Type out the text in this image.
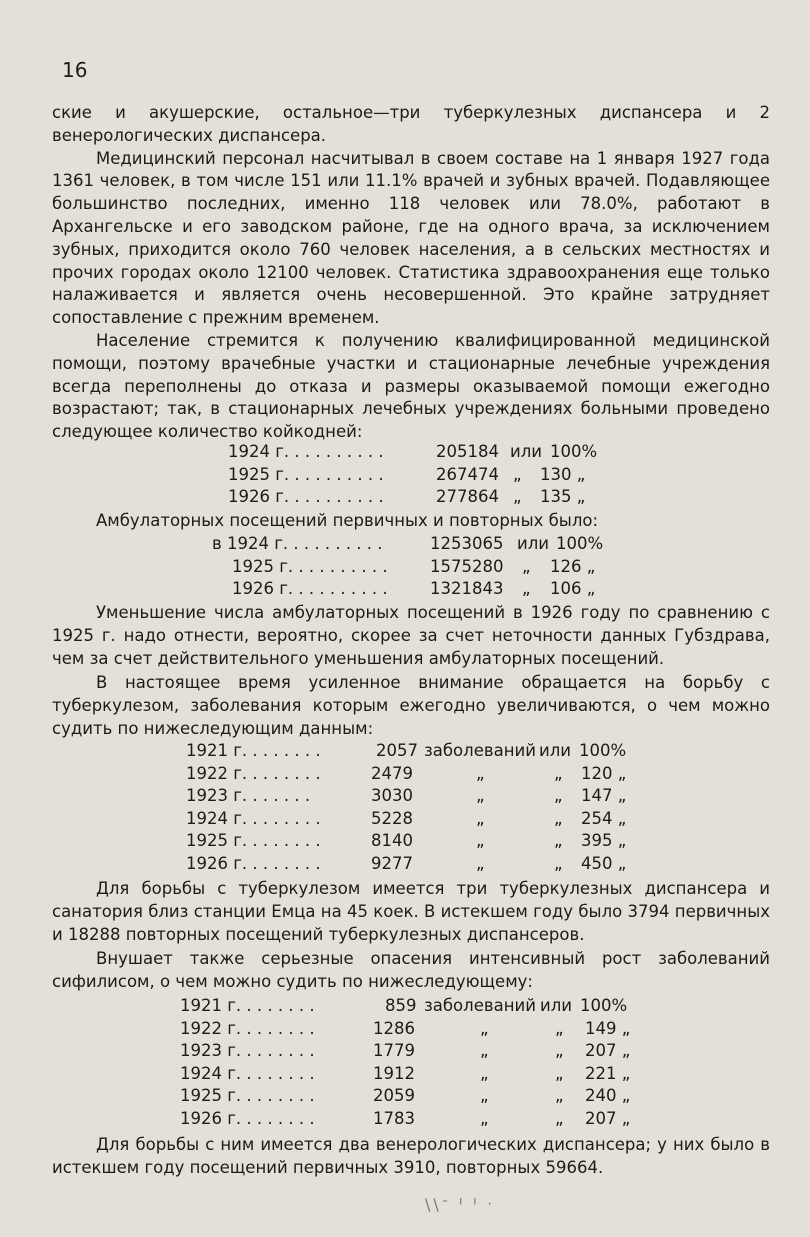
16

ские и акушерские, остальное—три туберкулезных диспансера и 2 венерологических диспансера.

Медицинский персонал насчитывал в своем составе на 1 января 1927 года 1361 человек, в том числе 151 или 11.1% врачей и зубных врачей. Подавляющее большинство последних, именно 118 человек или 78.0%, работают в Архангельске и его заводском районе, где на одного врача, за исключением зубных, приходится около 760 человек населения, а в сельских местностях и прочих городах около 12100 человек. Статистика здравоохранения еще только налаживается и является очень несовершенной. Это крайне затрудняет сопоставление с прежним временем.

Население стремится к получению квалифицированной медицинской помощи, поэтому врачебные участки и стационарные лечебные учреждения всегда переполнены до отказа и размеры оказываемой помощи ежегодно возрастают; так, в стационарных лечебных учреждениях больными проведено следующее количество койкодней:

1924 г. . . . . . . . . .	205184 или 100%
1925 г. . . . . . . . . .	267474 „ 130 „
1926 г. . . . . . . . . .	277864 „ 135 „

Амбулаторных посещений первичных и повторных было:

в 1924 г. . . . . . . . . .	1253065 или 100%
1925 г. . . . . . . . . .	1575280 „ 126 „
1926 г. . . . . . . . . .	1321843 „ 106 „

Уменьшение числа амбулаторных посещений в 1926 году по сравнению с 1925 г. надо отнести, вероятно, скорее за счет неточности данных Губздрава, чем за счет действительного уменьшения амбулаторных посещений.

В настоящее время усиленное внимание обращается на борьбу с туберкулезом, заболевания которым ежегодно увеличиваются, о чем можно судить по нижеследующим данным:

1921 г. . . . . . . .	2057 заболеваний или 100%
1922 г. . . . . . . .	2479	„	„ 120 „
1923 г. . . . . . .	3030	„	„ 147 „
1924 г. . . . . . . .	5228	„	„ 254 „
1925 г. . . . . . . .	8140	„	„ 395 „
1926 г. . . . . . . .	9277	„	„ 450 „

Для борьбы с туберкулезом имеется три туберкулезных диспансера и санатория близ станции Емца на 45 коек. В истекшем году было 3794 первичных и 18288 повторных посещений туберкулезных диспансеров.

Внушает также серьезные опасения интенсивный рост заболеваний сифилисом, о чем можно судить по нижеследующему:

1921 г. . . . . . . .	859 заболеваний или 100%
1922 г. . . . . . . .	1286	„	„ 149 „
1923 г. . . . . . . .	1779	„	„ 207 „
1924 г. . . . . . . .	1912	„	„ 221 „
1925 г. . . . . . . .	2059	„	„ 240 „
1926 г. . . . . . . .	1783	„	„ 207 „

Для борьбы с ним имеется два венерологических диспансера; у них было в истекшем году посещений первичных 3910, повторных 59664.

\\ᐨ ᑊ ᑊ ᐧ
